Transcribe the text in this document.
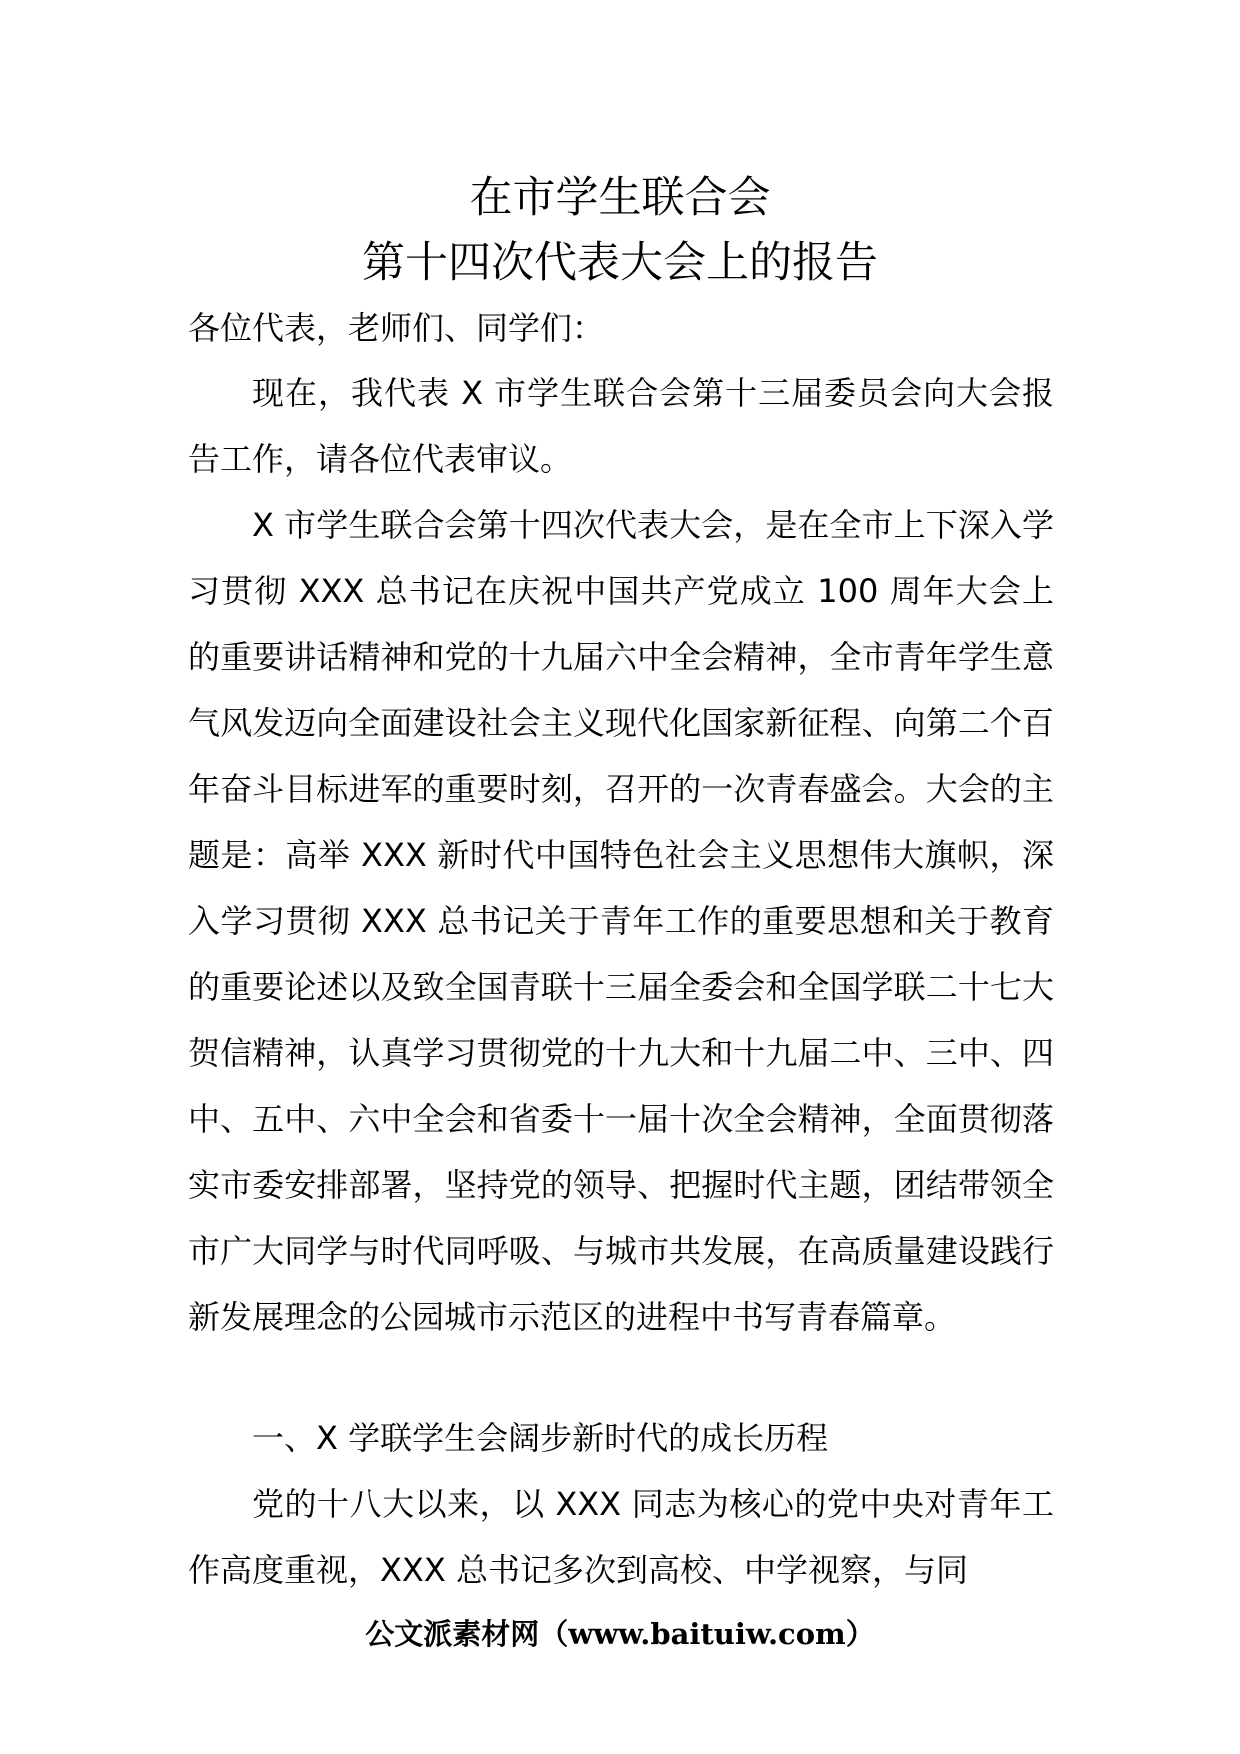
在市学生联合会
第十四次代表大会上的报告
各位代表，老师们、同学们：

现在，我代表 X 市学生联合会第十三届委员会向大会报告工作，请各位代表审议。

X 市学生联合会第十四次代表大会，是在全市上下深入学习贯彻 XXX 总书记在庆祝中国共产党成立 100 周年大会上的重要讲话精神和党的十九届六中全会精神，全市青年学生意气风发迈向全面建设社会主义现代化国家新征程、向第二个百年奋斗目标进军的重要时刻，召开的一次青春盛会。大会的主题是：高举 XXX 新时代中国特色社会主义思想伟大旗帜，深入学习贯彻 XXX 总书记关于青年工作的重要思想和关于教育的重要论述以及致全国青联十三届全委会和全国学联二十七大贺信精神，认真学习贯彻党的十九大和十九届二中、三中、四中、五中、六中全会和省委十一届十次全会精神，全面贯彻落实市委安排部署，坚持党的领导、把握时代主题，团结带领全市广大同学与时代同呼吸、与城市共发展，在高质量建设践行新发展理念的公园城市示范区的进程中书写青春篇章。

一、X 学联学生会阔步新时代的成长历程

党的十八大以来，以 XXX 同志为核心的党中央对青年工作高度重视，XXX 总书记多次到高校、中学视察，与同

公文派素材网（www.baituiw.com）
